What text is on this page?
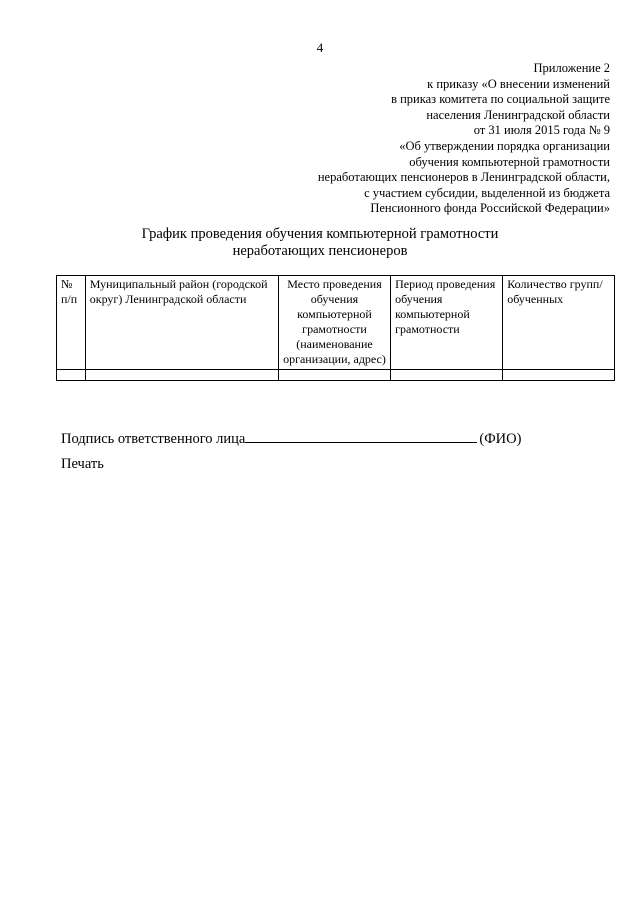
4
Приложение 2
к приказу «О внесении изменений
в приказ комитета по социальной защите
населения Ленинградской области
от 31 июля 2015 года № 9
«Об утверждении порядка организации
обучения компьютерной грамотности
неработающих пенсионеров в Ленинградской области,
с участием субсидии, выделенной из бюджета
Пенсионного фонда Российской Федерации»
График проведения обучения компьютерной грамотности
неработающих пенсионеров
№ п/п	Муниципальный район (городской округ) Ленинградской области	Место проведения обучения компьютерной грамотности (наименование организации, адрес)	Период проведения обучения компьютерной грамотности	Количество групп/обученных

Подпись ответственного лица	(ФИО)
Печать
